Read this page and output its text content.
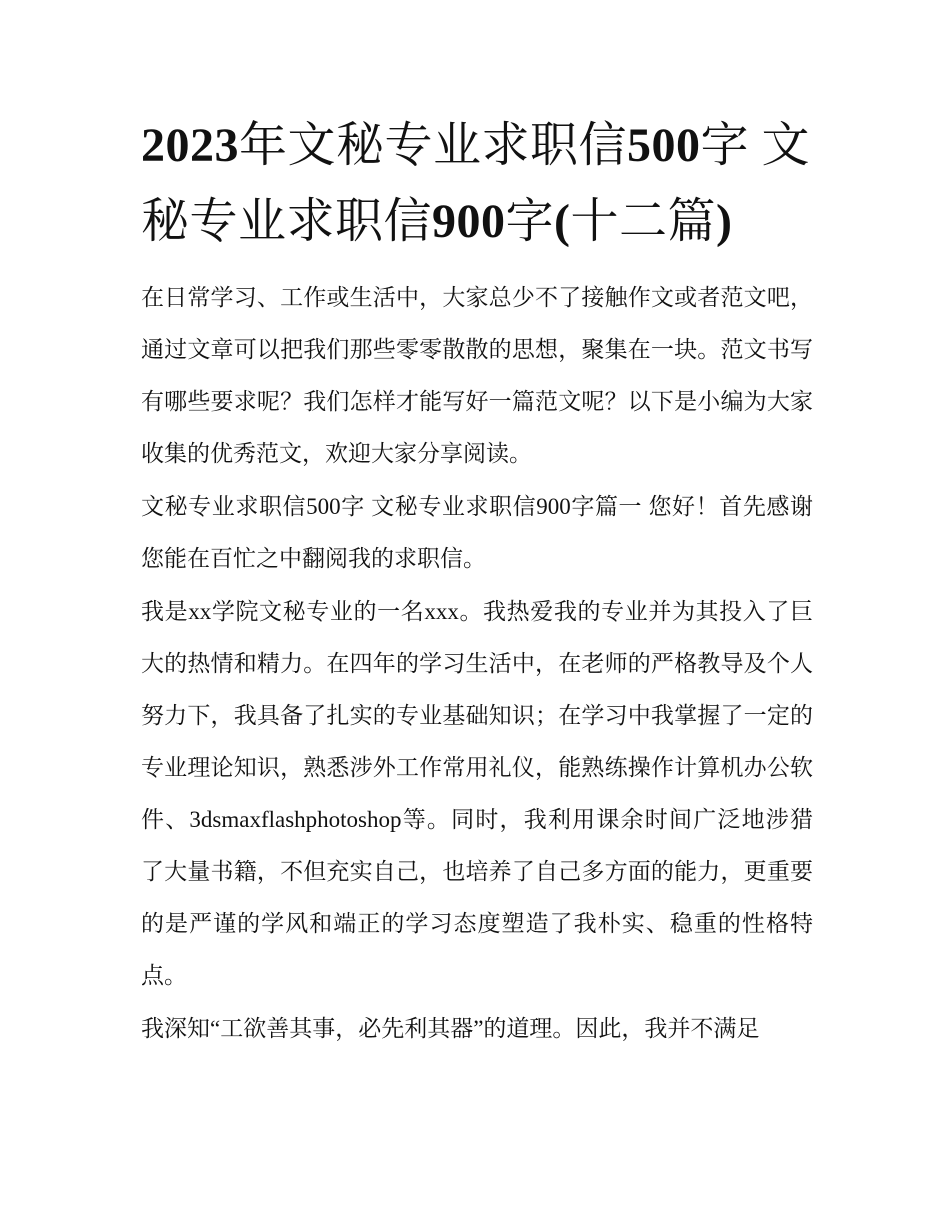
2023年文秘专业求职信500字 文秘专业求职信900字(十二篇)

在日常学习、工作或生活中，大家总少不了接触作文或者范文吧，通过文章可以把我们那些零零散散的思想，聚集在一块。范文书写有哪些要求呢？我们怎样才能写好一篇范文呢？以下是小编为大家收集的优秀范文，欢迎大家分享阅读。

文秘专业求职信500字 文秘专业求职信900字篇一 您好！首先感谢您能在百忙之中翻阅我的求职信。

我是xx学院文秘专业的一名xxx。我热爱我的专业并为其投入了巨大的热情和精力。在四年的学习生活中，在老师的严格教导及个人努力下，我具备了扎实的专业基础知识；在学习中我掌握了一定的专业理论知识，熟悉涉外工作常用礼仪，能熟练操作计算机办公软件、3dsmaxflashphotoshop等。同时，我利用课余时间广泛地涉猎了大量书籍，不但充实自己，也培养了自己多方面的能力，更重要的是严谨的学风和端正的学习态度塑造了我朴实、稳重的性格特点。

我深知“工欲善其事，必先利其器”的道理。因此，我并不满足
